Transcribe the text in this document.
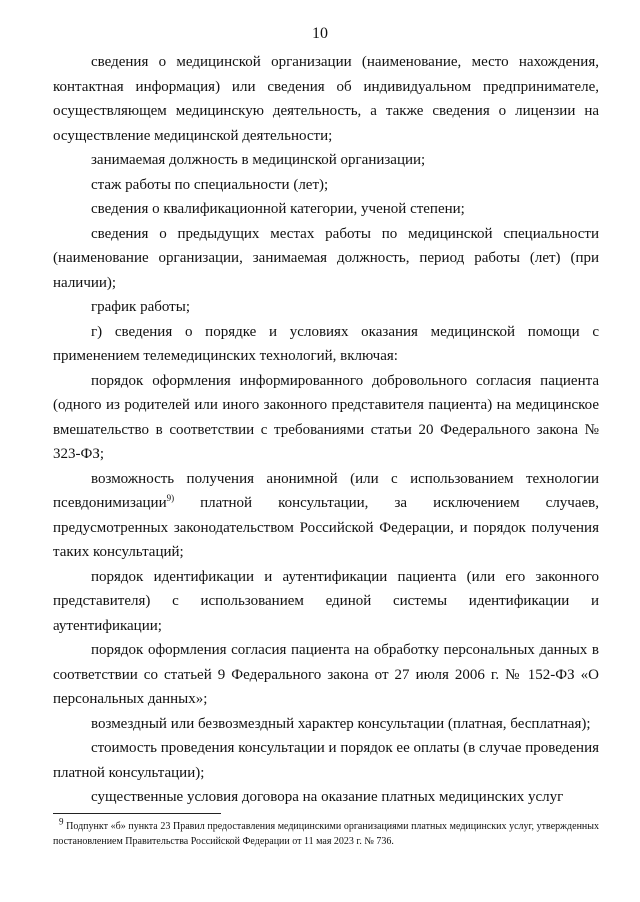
10

сведения о медицинской организации (наименование, место нахождения, контактная информация) или сведения об индивидуальном предпринимателе, осуществляющем медицинскую деятельность, а также сведения о лицензии на осуществление медицинской деятельности;

занимаемая должность в медицинской организации;

стаж работы по специальности (лет);

сведения о квалификационной категории, ученой степени;

сведения о предыдущих местах работы по медицинской специальности (наименование организации, занимаемая должность, период работы (лет) (при наличии);

график работы;

г) сведения о порядке и условиях оказания медицинской помощи с применением телемедицинских технологий, включая:

порядок оформления информированного добровольного согласия пациента (одного из родителей или иного законного представителя пациента) на медицинское вмешательство в соответствии с требованиями статьи 20 Федерального закона № 323-ФЗ;

возможность получения анонимной (или с использованием технологии псевдонимизации$^{9)}$ платной консультации, за исключением случаев, предусмотренных законодательством Российской Федерации, и порядок получения таких консультаций;

порядок идентификации и аутентификации пациента (или его законного представителя) с использованием единой системы идентификации и аутентификации;

порядок оформления согласия пациента на обработку персональных данных в соответствии со статьей 9 Федерального закона от 27 июля 2006 г. № 152-ФЗ «О персональных данных»;

возмездный или безвозмездный характер консультации (платная, бесплатная);

стоимость проведения консультации и порядок ее оплаты (в случае проведения платной консультации);

существенные условия договора на оказание платных медицинских услуг

$^9$ Подпункт «б» пункта 23 Правил предоставления медицинскими организациями платных медицинских услуг, утвержденных постановлением Правительства Российской Федерации от 11 мая 2023 г. № 736.
